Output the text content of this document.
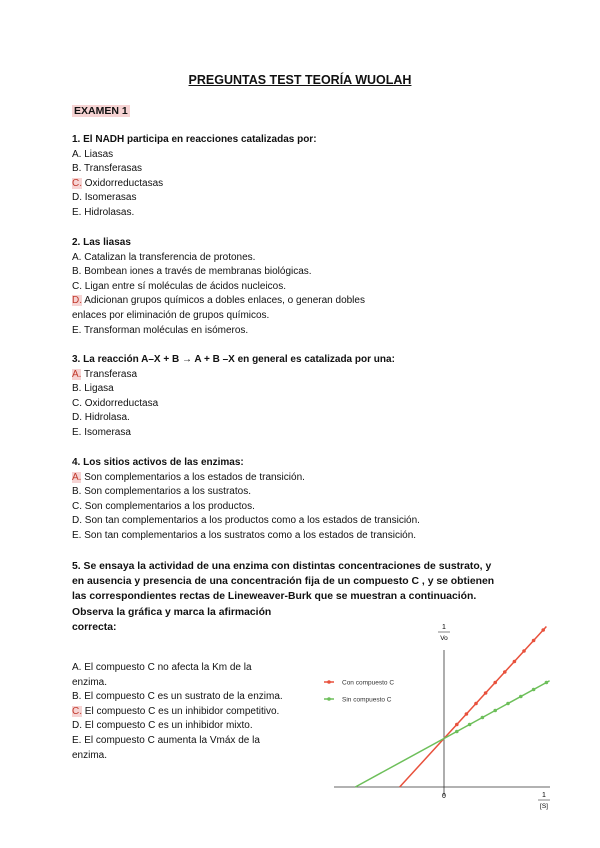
PREGUNTAS TEST TEORÍA WUOLAH
EXAMEN 1
1. El NADH participa en reacciones catalizadas por:
A. Liasas
B. Transferasas
C. Oxidorreductasas
D. Isomerasas
E. Hidrolasas.
2. Las liasas
A. Catalizan la transferencia de protones.
B. Bombean iones a través de membranas biológicas.
C. Ligan entre sí moléculas de ácidos nucleicos.
D. Adicionan grupos químicos a dobles enlaces, o generan dobles
enlaces por eliminación de grupos químicos.
E. Transforman moléculas en isómeros.
3. La reacción A–X + B → A + B –X en general es catalizada por una:
A. Transferasa
B. Ligasa
C. Oxidorreductasa
D. Hidrolasa.
E. Isomerasa
4. Los sitios activos de las enzimas:
A. Son complementarios a los estados de transición.
B. Son complementarios a los sustratos.
C. Son complementarios a los productos.
D. Son tan complementarios a los productos como a los estados de transición.
E. Son tan complementarios a los sustratos como a los estados de transición.
5. Se ensaya la actividad de una enzima con distintas concentraciones de sustrato, y
en ausencia y presencia de una concentración fija de un compuesto C , y se obtienen
las correspondientes rectas de Lineweaver-Burk que se muestran a continuación.
Observa la gráfica y marca la afirmación
correcta:
A. El compuesto C no afecta la Km de la
enzima.
B. El compuesto C es un sustrato de la enzima.
C. El compuesto C es un inhibidor competitivo.
D. El compuesto C es un inhibidor mixto.
E. El compuesto C aumenta la Vmáx de la
enzima.
1
Vo
1
[S]
0
Con compuesto C
Sin compuesto C
